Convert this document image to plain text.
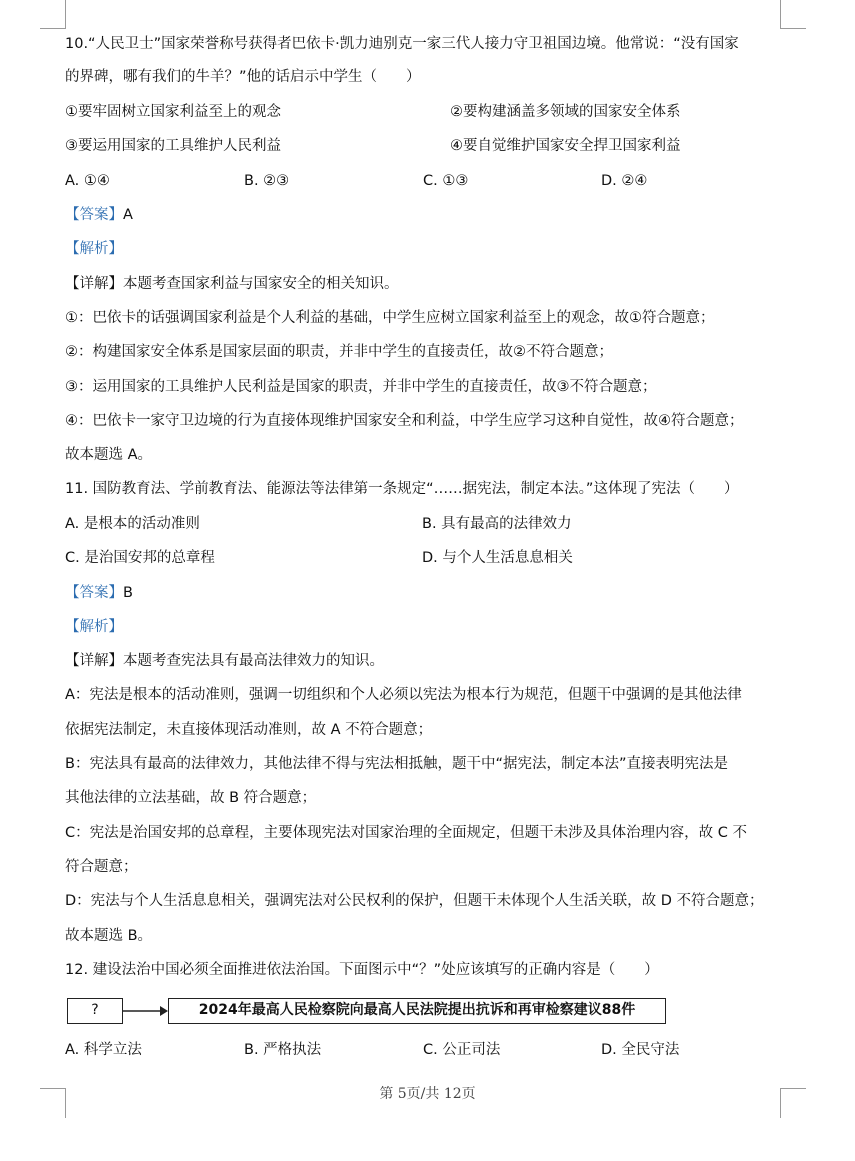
10.“人民卫士”国家荣誉称号获得者巴依卡·凯力迪别克一家三代人接力守卫祖国边境。他常说：“没有国家
的界碑，哪有我们的牛羊？”他的话启示中学生（　　）
①要牢固树立国家利益至上的观念	②要构建涵盖多领域的国家安全体系
③要运用国家的工具维护人民利益	④要自觉维护国家安全捍卫国家利益
A. ①④	B. ②③	C. ①③	D. ②④
【答案】A
【解析】
【详解】本题考查国家利益与国家安全的相关知识。
①：巴依卡的话强调国家利益是个人利益的基础，中学生应树立国家利益至上的观念，故①符合题意；
②：构建国家安全体系是国家层面的职责，并非中学生的直接责任，故②不符合题意；
③：运用国家的工具维护人民利益是国家的职责，并非中学生的直接责任，故③不符合题意；
④：巴依卡一家守卫边境的行为直接体现维护国家安全和利益，中学生应学习这种自觉性，故④符合题意；
故本题选 A。
11. 国防教育法、学前教育法、能源法等法律第一条规定“……据宪法，制定本法。”这体现了宪法（　　）
A. 是根本的活动准则	B. 具有最高的法律效力
C. 是治国安邦的总章程	D. 与个人生活息息相关
【答案】B
【解析】
【详解】本题考查宪法具有最高法律效力的知识。
A：宪法是根本的活动准则，强调一切组织和个人必须以宪法为根本行为规范，但题干中强调的是其他法律
依据宪法制定，未直接体现活动准则，故 A 不符合题意；
B：宪法具有最高的法律效力，其他法律不得与宪法相抵触，题干中“据宪法，制定本法”直接表明宪法是
其他法律的立法基础，故 B 符合题意；
C：宪法是治国安邦的总章程，主要体现宪法对国家治理的全面规定，但题干未涉及具体治理内容，故 C 不
符合题意；
D：宪法与个人生活息息相关，强调宪法对公民权利的保护，但题干未体现个人生活关联，故 D 不符合题意；
故本题选 B。
12. 建设法治中国必须全面推进依法治国。下面图示中“？”处应该填写的正确内容是（　　）
?	2024年最高人民检察院向最高人民法院提出抗诉和再审检察建议88件
A. 科学立法	B. 严格执法	C. 公正司法	D. 全民守法
第 5页/共 12页
